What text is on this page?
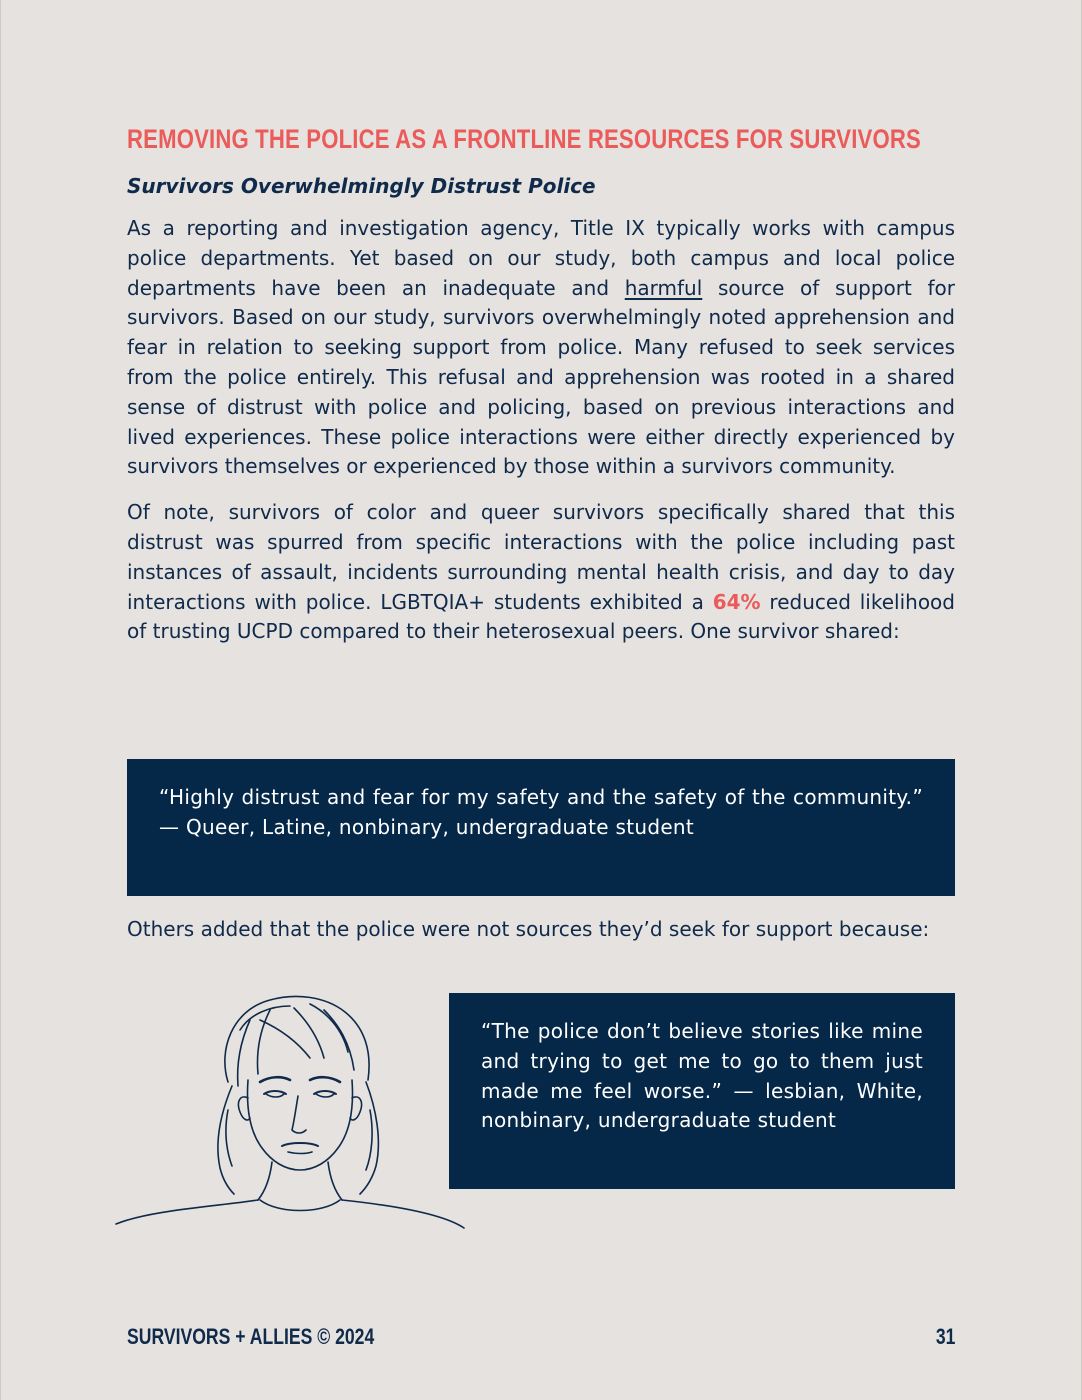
REMOVING THE POLICE AS A FRONTLINE RESOURCES FOR SURVIVORS
Survivors Overwhelmingly Distrust Police

As a reporting and investigation agency, Title IX typically works with campus police departments. Yet based on our study, both campus and local police departments have been an inadequate and harmful source of support for survivors. Based on our study, survivors overwhelmingly noted apprehension and fear in relation to seeking support from police. Many refused to seek services from the police entirely. This refusal and apprehension was rooted in a shared sense of distrust with police and policing, based on previous interactions and lived experiences. These police interactions were either directly experienced by survivors themselves or experienced by those within a survivors community.

Of note, survivors of color and queer survivors specifically shared that this distrust was spurred from specific interactions with the police including past instances of assault, incidents surrounding mental health crisis, and day to day interactions with police. LGBTQIA+ students exhibited a 64% reduced likelihood of trusting UCPD compared to their heterosexual peers. One survivor shared:

“Highly distrust and fear for my safety and the safety of the community.” — Queer, Latine, nonbinary, undergraduate student

Others added that the police were not sources they’d seek for support because:

“The police don’t believe stories like mine and trying to get me to go to them just made me feel worse.” — lesbian, White, nonbinary, undergraduate student
SURVIVORS + ALLIES © 2024	31
